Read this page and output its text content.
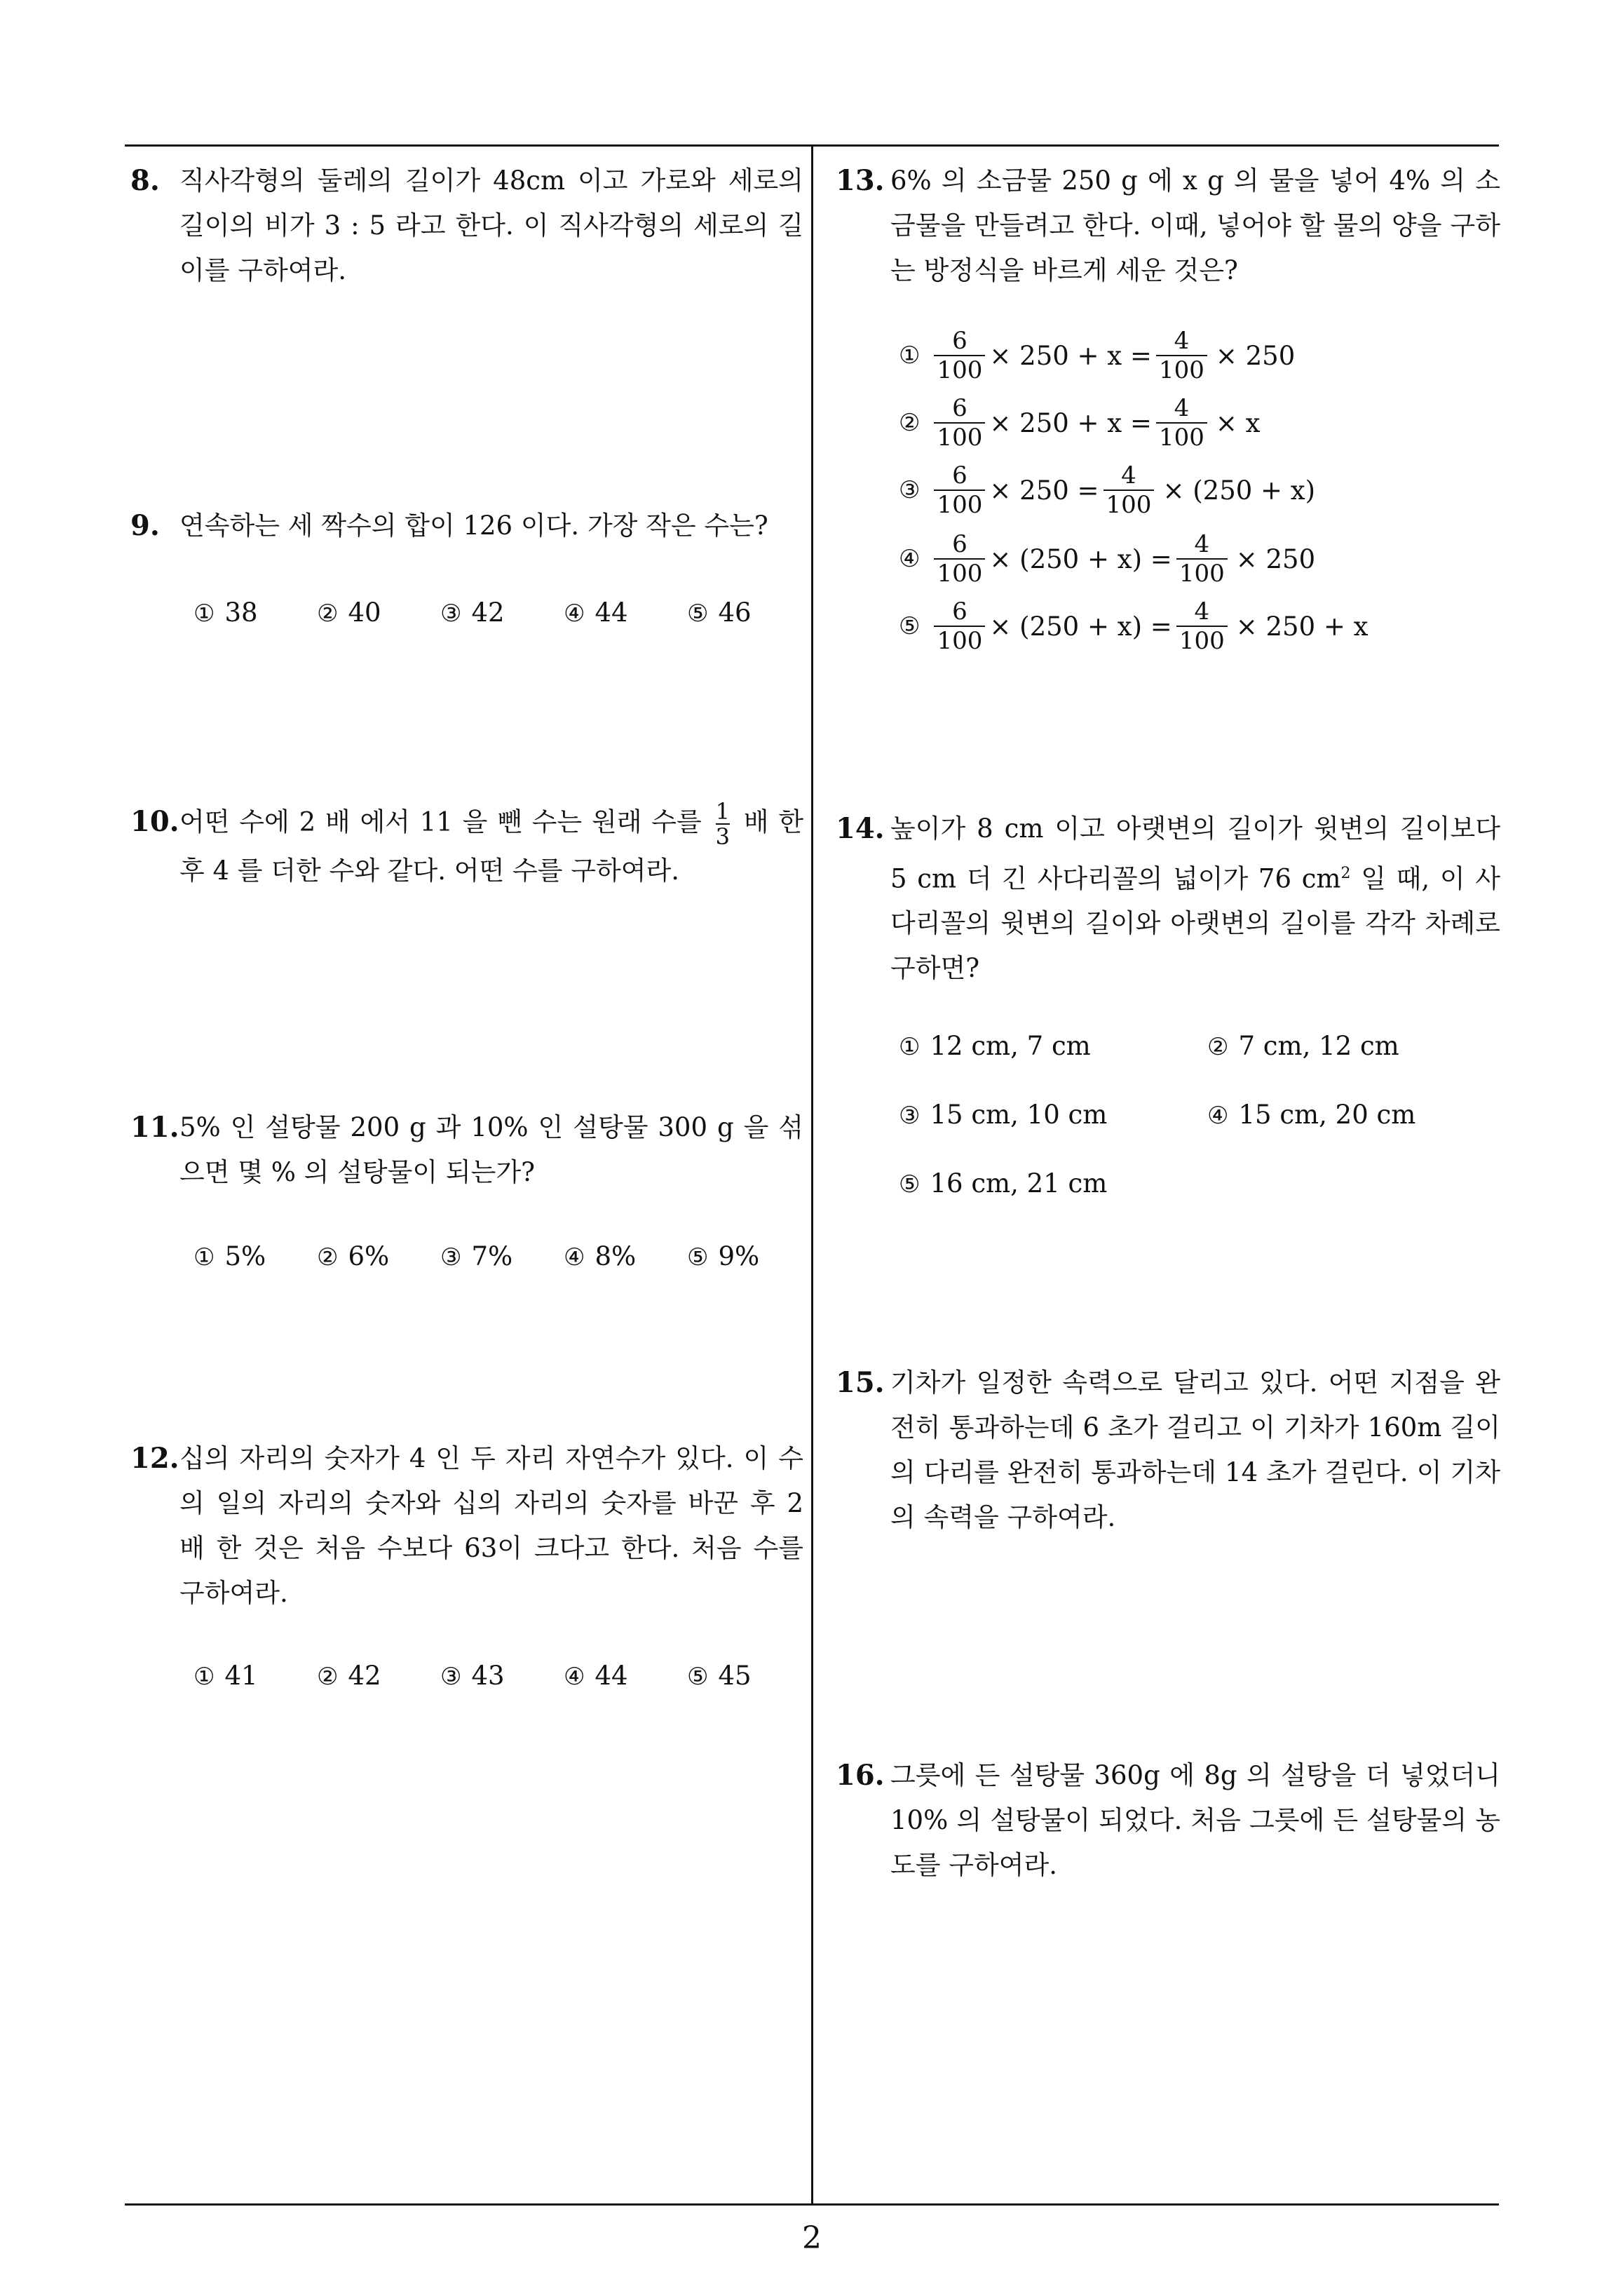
8. 직사각형의 둘레의 길이가 48cm 이고 가로와 세로의 길이의 비가 3 : 5 라고 한다. 이 직사각형의 세로의 길이를 구하여라.
9. 연속하는 세 짝수의 합이 126 이다. 가장 작은 수는?
① 38	② 40	③ 42	④ 44	⑤ 46
10. 어떤 수에 2 배 에서 11 을 뺀 수는 원래 수를 $\frac{1}{3}$ 배 한 후 4 를 더한 수와 같다. 어떤 수를 구하여라.
11. 5% 인 설탕물 200 g 과 10% 인 설탕물 300 g 을 섞으면 몇 % 의 설탕물이 되는가?
① 5%	② 6%	③ 7%	④ 8%	⑤ 9%
12. 십의 자리의 숫자가 4 인 두 자리 자연수가 있다. 이 수의 일의 자리의 숫자와 십의 자리의 숫자를 바꾼 후 2 배 한 것은 처음 수보다 63이 크다고 한다. 처음 수를 구하여라.
① 41	② 42	③ 43	④ 44	⑤ 45
13. 6% 의 소금물 250 g 에 x g 의 물을 넣어 4% 의 소금물을 만들려고 한다. 이때, 넣어야 할 물의 양을 구하는 방정식을 바르게 세운 것은?
① $\frac{6}{100} \times 250 + x = \frac{4}{100} \times 250$
② $\frac{6}{100} \times 250 + x = \frac{4}{100} \times x$
③ $\frac{6}{100} \times 250 = \frac{4}{100} \times (250 + x)$
④ $\frac{6}{100} \times (250 + x) = \frac{4}{100} \times 250$
⑤ $\frac{6}{100} \times (250 + x) = \frac{4}{100} \times 250 + x$
14. 높이가 8 cm 이고 아랫변의 길이가 윗변의 길이보다 5 cm 더 긴 사다리꼴의 넓이가 76 $cm^2$ 일 때, 이 사다리꼴의 윗변의 길이와 아랫변의 길이를 각각 차례로 구하면?
① 12 cm, 7 cm	② 7 cm, 12 cm
③ 15 cm, 10 cm	④ 15 cm, 20 cm
⑤ 16 cm, 21 cm
15. 기차가 일정한 속력으로 달리고 있다. 어떤 지점을 완전히 통과하는데 6 초가 걸리고 이 기차가 160m 길이의 다리를 완전히 통과하는데 14 초가 걸린다. 이 기차의 속력을 구하여라.
16. 그릇에 든 설탕물 360g 에 8g 의 설탕을 더 넣었더니 10% 의 설탕물이 되었다. 처음 그릇에 든 설탕물의 농도를 구하여라.
2
